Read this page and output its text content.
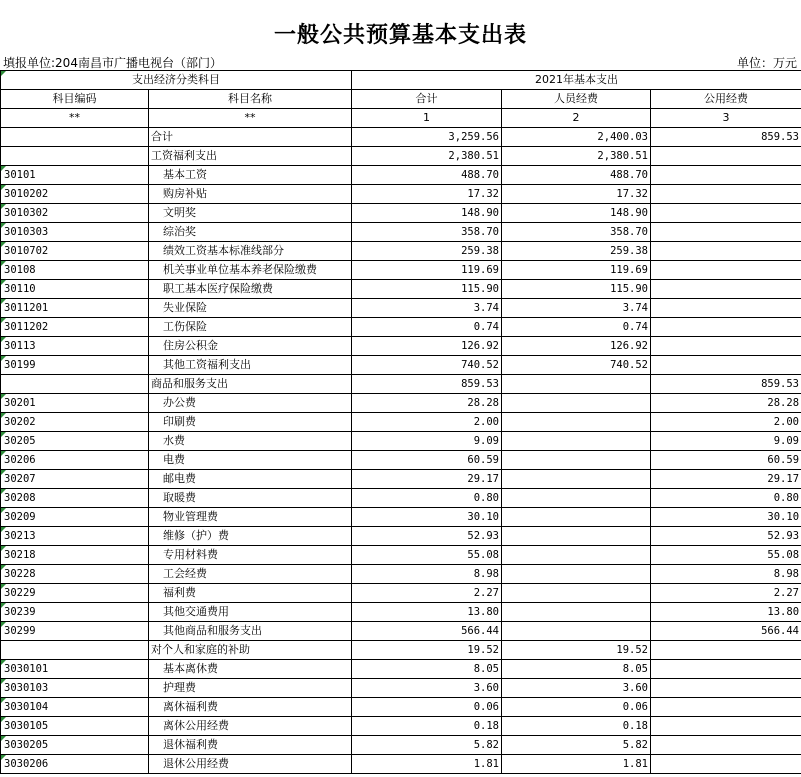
一般公共预算基本支出表
填报单位:204南昌市广播电视台（部门）	单位：万元
支出经济分类科目		2021年基本支出		
科目编码	科目名称	合计	人员经费	公用经费
**	**	1	2	3
	合计	3,259.56	2,400.03	859.53
	工资福利支出	2,380.51	2,380.51	
30101	基本工资	488.70	488.70	
3010202	购房补贴	17.32	17.32	
3010302	文明奖	148.90	148.90	
3010303	综治奖	358.70	358.70	
3010702	绩效工资基本标准线部分	259.38	259.38	
30108	机关事业单位基本养老保险缴费	119.69	119.69	
30110	职工基本医疗保险缴费	115.90	115.90	
3011201	失业保险	3.74	3.74	
3011202	工伤保险	0.74	0.74	
30113	住房公积金	126.92	126.92	
30199	其他工资福利支出	740.52	740.52	
	商品和服务支出	859.53		859.53
30201	办公费	28.28		28.28
30202	印刷费	2.00		2.00
30205	水费	9.09		9.09
30206	电费	60.59		60.59
30207	邮电费	29.17		29.17
30208	取暖费	0.80		0.80
30209	物业管理费	30.10		30.10
30213	维修（护）费	52.93		52.93
30218	专用材料费	55.08		55.08
30228	工会经费	8.98		8.98
30229	福利费	2.27		2.27
30239	其他交通费用	13.80		13.80
30299	其他商品和服务支出	566.44		566.44
	对个人和家庭的补助	19.52	19.52	
3030101	基本离休费	8.05	8.05	
3030103	护理费	3.60	3.60	
3030104	离休福利费	0.06	0.06	
3030105	离休公用经费	0.18	0.18	
3030205	退休福利费	5.82	5.82	
3030206	退休公用经费	1.81	1.81	
